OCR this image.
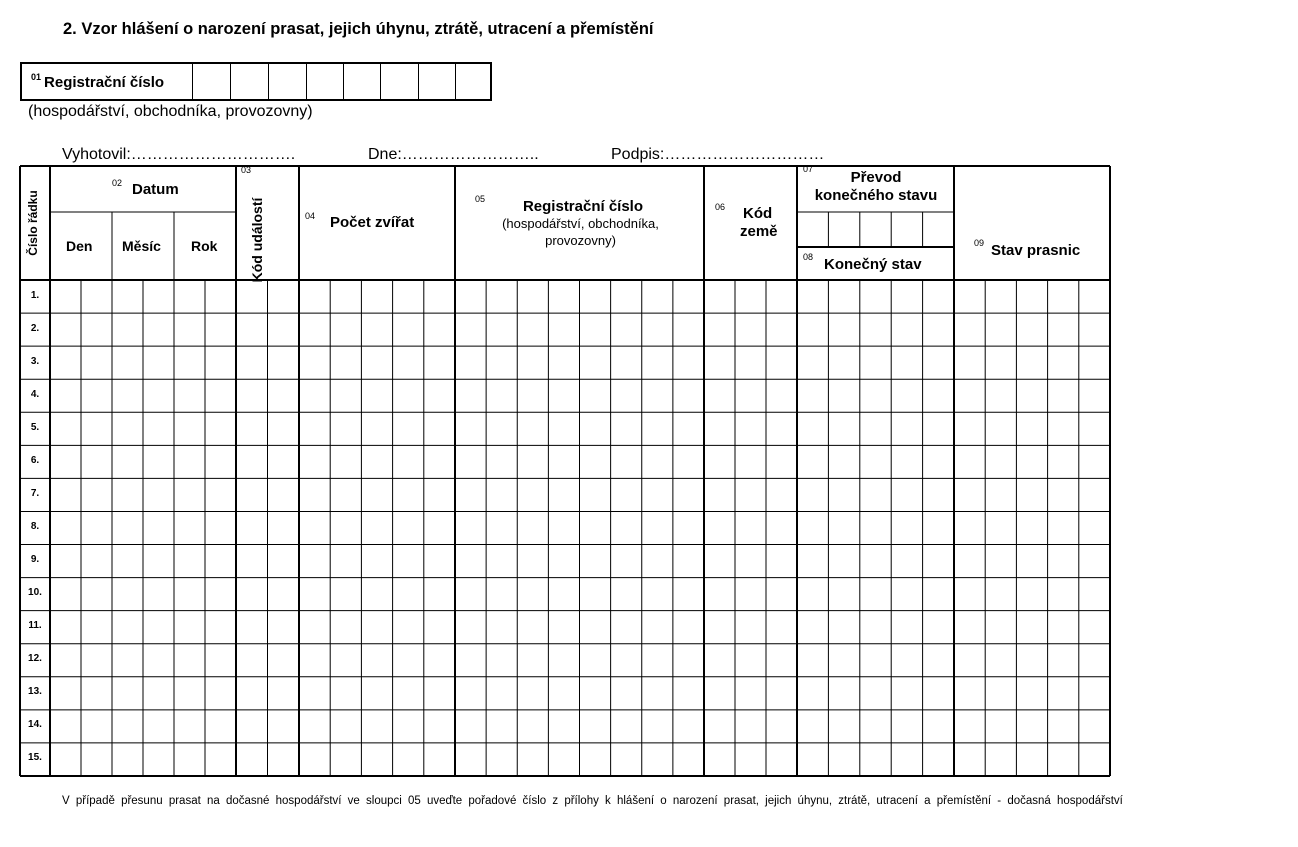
2. Vzor hlášení o narození prasat, jejich úhynu, ztrátě, utracení a přemístění
$^{01}$ Registrační číslo
(hospodářství, obchodníka, provozovny)
Vyhotovil:………………………….	Dne:……………………..	Podpis:…………………………
Číslo řádku
02 Datum
Den Měsíc Rok
03
Kód událostí	04 Počet zvířat
05	Registrační číslo
(hospodářství, obchodníka,
provozovny)
06 Kód
země
07	Převod
konečného stavu
08 Konečný stav
09 Stav prasnic
1.
2.
3.
4.
5.
6.
7.
8.
9.
10.
11.
12.
13.
14.
15.
V případě přesunu prasat na dočasné hospodářství ve sloupci 05 uveďte pořadové číslo z přílohy k hlášení o narození prasat, jejich úhynu, ztrátě, utracení a přemístění - dočasná hospodářství
